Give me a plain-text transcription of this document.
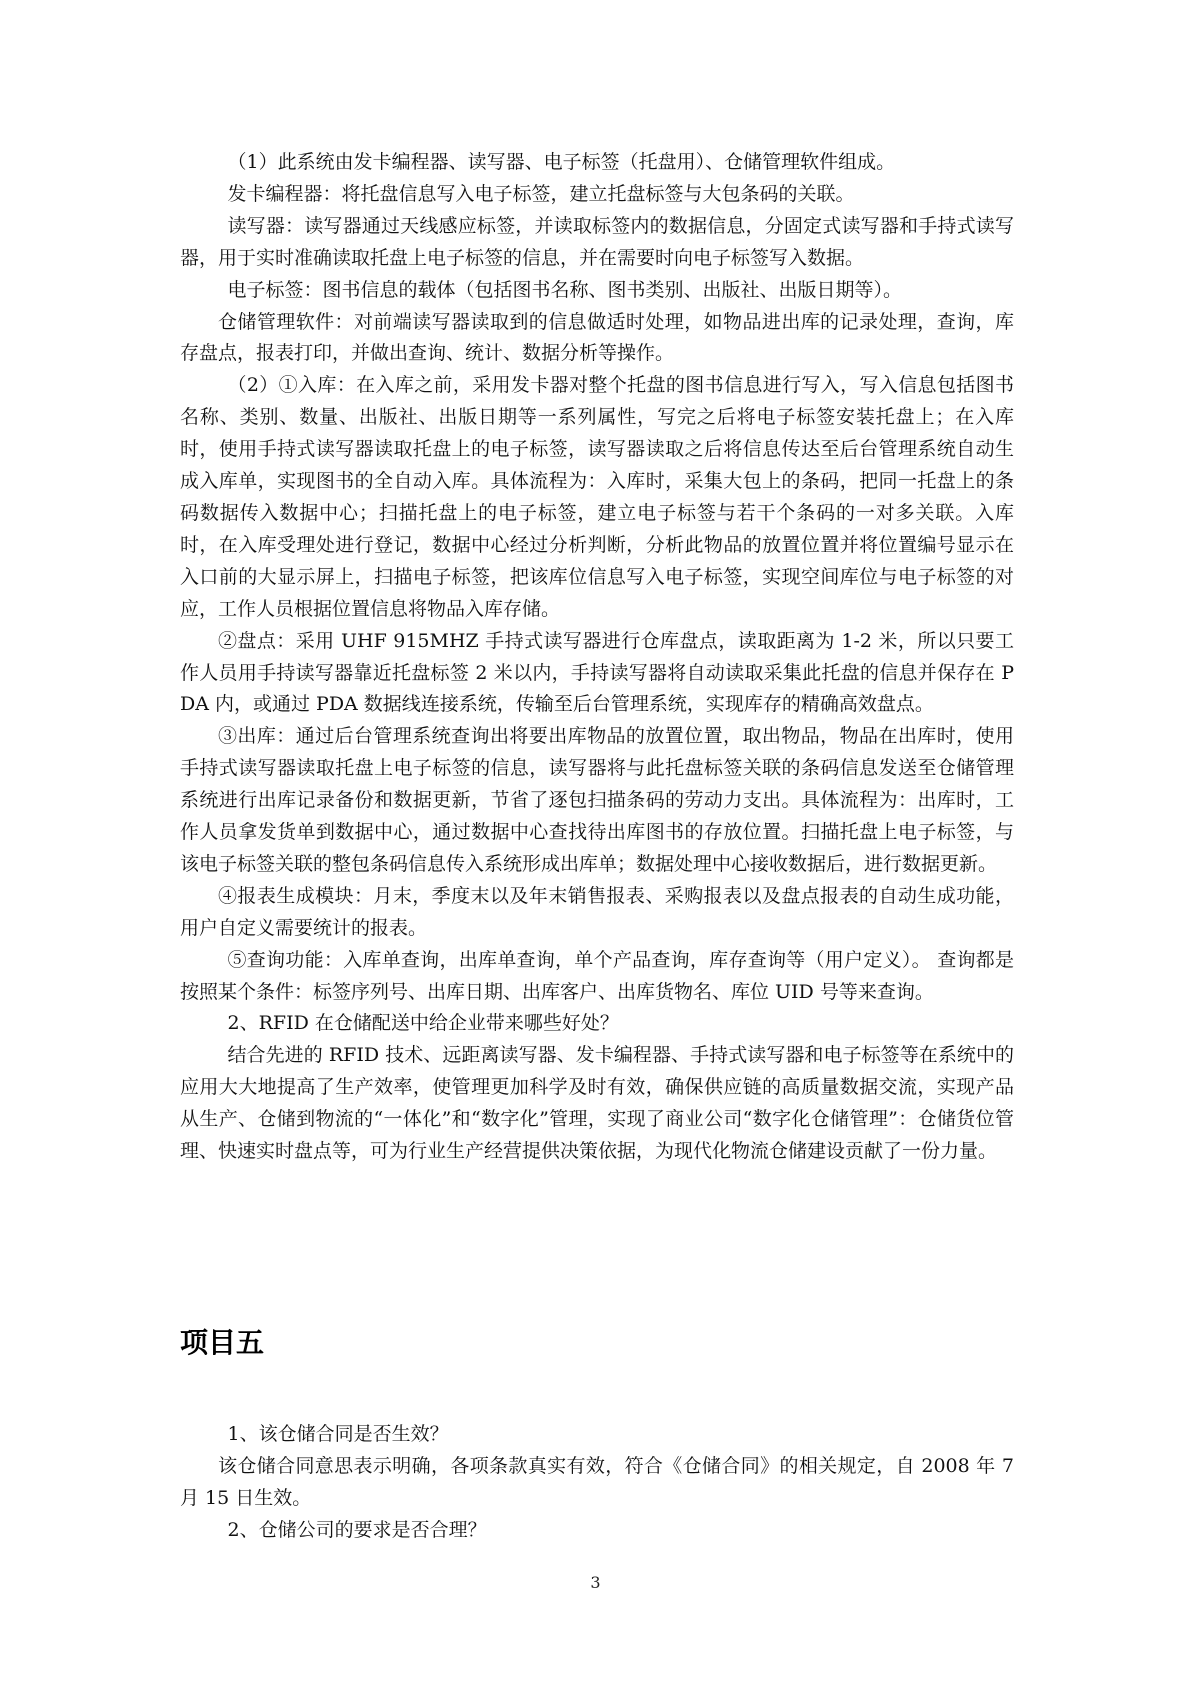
（1）此系统由发卡编程器、读写器、电子标签（托盘用）、仓储管理软件组成。

发卡编程器：将托盘信息写入电子标签，建立托盘标签与大包条码的关联。

读写器：读写器通过天线感应标签，并读取标签内的数据信息，分固定式读写器和手持式读写器，用于实时准确读取托盘上电子标签的信息，并在需要时向电子标签写入数据。

电子标签：图书信息的载体（包括图书名称、图书类别、出版社、出版日期等）。

仓储管理软件：对前端读写器读取到的信息做适时处理，如物品进出库的记录处理，查询，库存盘点，报表打印，并做出查询、统计、数据分析等操作。

（2）①入库：在入库之前，采用发卡器对整个托盘的图书信息进行写入，写入信息包括图书名称、类别、数量、出版社、出版日期等一系列属性，写完之后将电子标签安装托盘上；在入库时，使用手持式读写器读取托盘上的电子标签，读写器读取之后将信息传达至后台管理系统自动生成入库单，实现图书的全自动入库。具体流程为：入库时，采集大包上的条码，把同一托盘上的条码数据传入数据中心；扫描托盘上的电子标签，建立电子标签与若干个条码的一对多关联。入库时，在入库受理处进行登记，数据中心经过分析判断，分析此物品的放置位置并将位置编号显示在入口前的大显示屏上，扫描电子标签，把该库位信息写入电子标签，实现空间库位与电子标签的对应，工作人员根据位置信息将物品入库存储。

②盘点：采用 UHF 915MHZ 手持式读写器进行仓库盘点，读取距离为 1-2 米，所以只要工作人员用手持读写器靠近托盘标签 2 米以内，手持读写器将自动读取采集此托盘的信息并保存在 PDA 内，或通过 PDA 数据线连接系统，传输至后台管理系统，实现库存的精确高效盘点。

③出库：通过后台管理系统查询出将要出库物品的放置位置，取出物品，物品在出库时，使用手持式读写器读取托盘上电子标签的信息，读写器将与此托盘标签关联的条码信息发送至仓储管理系统进行出库记录备份和数据更新，节省了逐包扫描条码的劳动力支出。具体流程为：出库时，工作人员拿发货单到数据中心，通过数据中心查找待出库图书的存放位置。扫描托盘上电子标签，与该电子标签关联的整包条码信息传入系统形成出库单；数据处理中心接收数据后，进行数据更新。

④报表生成模块：月末，季度末以及年末销售报表、采购报表以及盘点报表的自动生成功能，用户自定义需要统计的报表。

⑤查询功能：入库单查询，出库单查询，单个产品查询，库存查询等（用户定义）。 查询都是按照某个条件：标签序列号、出库日期、出库客户、出库货物名、库位 UID 号等来查询。

2、RFID 在仓储配送中给企业带来哪些好处？

结合先进的 RFID 技术、远距离读写器、发卡编程器、手持式读写器和电子标签等在系统中的应用大大地提高了生产效率，使管理更加科学及时有效，确保供应链的高质量数据交流，实现产品从生产、仓储到物流的“一体化”和“数字化”管理，实现了商业公司“数字化仓储管理”：仓储货位管理、快速实时盘点等，可为行业生产经营提供决策依据，为现代化物流仓储建设贡献了一份力量。

项目五

1、该仓储合同是否生效？

该仓储合同意思表示明确，各项条款真实有效，符合《仓储合同》的相关规定，自 2008 年 7 月 15 日生效。

2、仓储公司的要求是否合理？

3
